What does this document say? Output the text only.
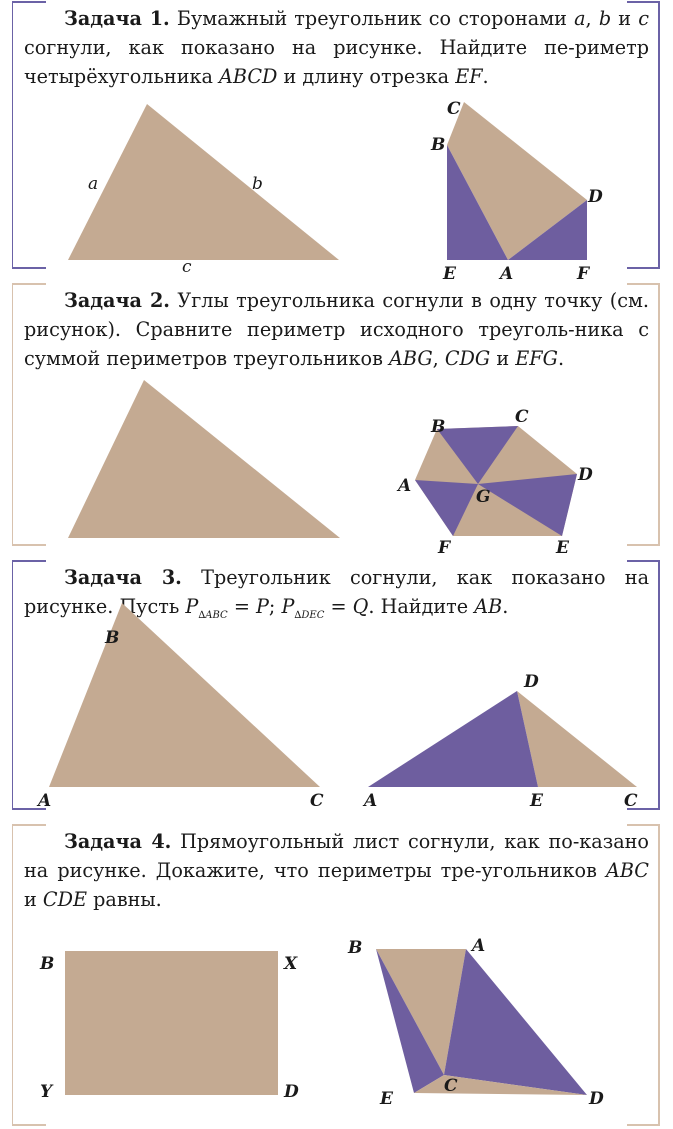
Задача 1. Бумажный треугольник со сторонами a, b и c согнули, как показано на рисунке. Найдите пе-риметр четырёхугольника ABCD и длину отрезка EF.
a	b
c
C
B
D
E	A	F
Задача 2. Углы треугольника согнули в одну точку (см. рисунок). Сравните периметр исходного треуголь-ника с суммой периметров треугольников ABG, CDG и EFG.
B	C
D
A
G
F	E
Задача 3. Треугольник согнули, как показано на рисунке. Пусть $P_{\Delta ABC} = P$; $P_{\Delta DEC} = Q$. Найдите AB.
B
A	C
D
A	E	C
Задача 4. Прямоугольный лист согнули, как по-казано на рисунке. Докажите, что периметры тре-угольников ABC и CDE равны.
B	X
Y	D
B	A
C
E	D
